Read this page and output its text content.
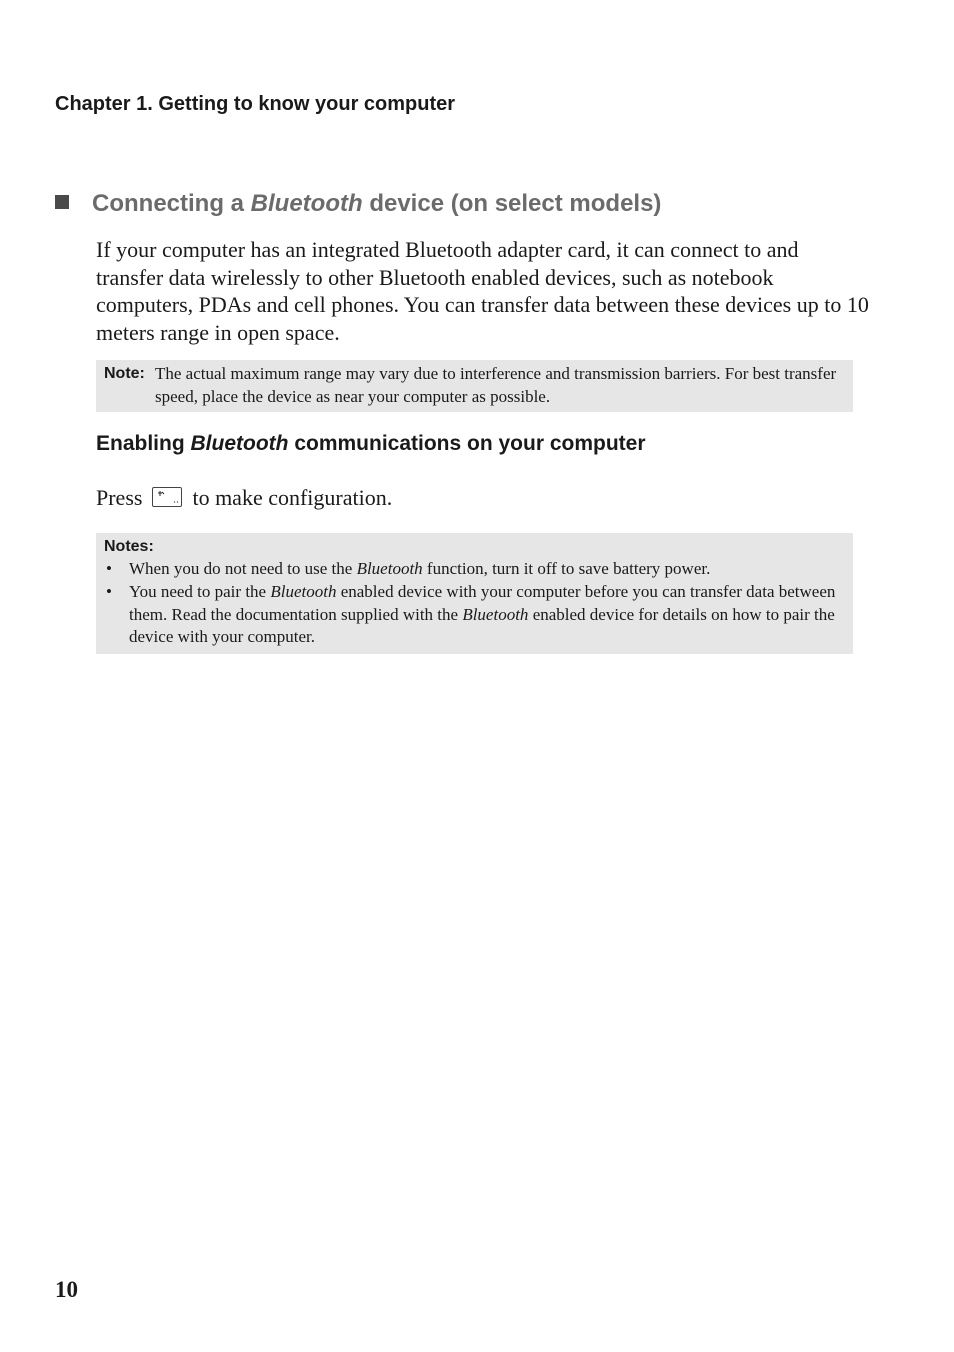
Chapter 1. Getting to know your computer
Connecting a Bluetooth device (on select models)
If your computer has an integrated Bluetooth adapter card, it can connect to and transfer data wirelessly to other Bluetooth enabled devices, such as notebook computers, PDAs and cell phones. You can transfer data between these devices up to 10 meters range in open space.
Note: The actual maximum range may vary due to interference and transmission barriers. For best transfer speed, place the device as near your computer as possible.
Enabling Bluetooth communications on your computer
Press to make configuration.
Notes:
• When you do not need to use the Bluetooth function, turn it off to save battery power.
• You need to pair the Bluetooth enabled device with your computer before you can transfer data between them. Read the documentation supplied with the Bluetooth enabled device for details on how to pair the device with your computer.
10
